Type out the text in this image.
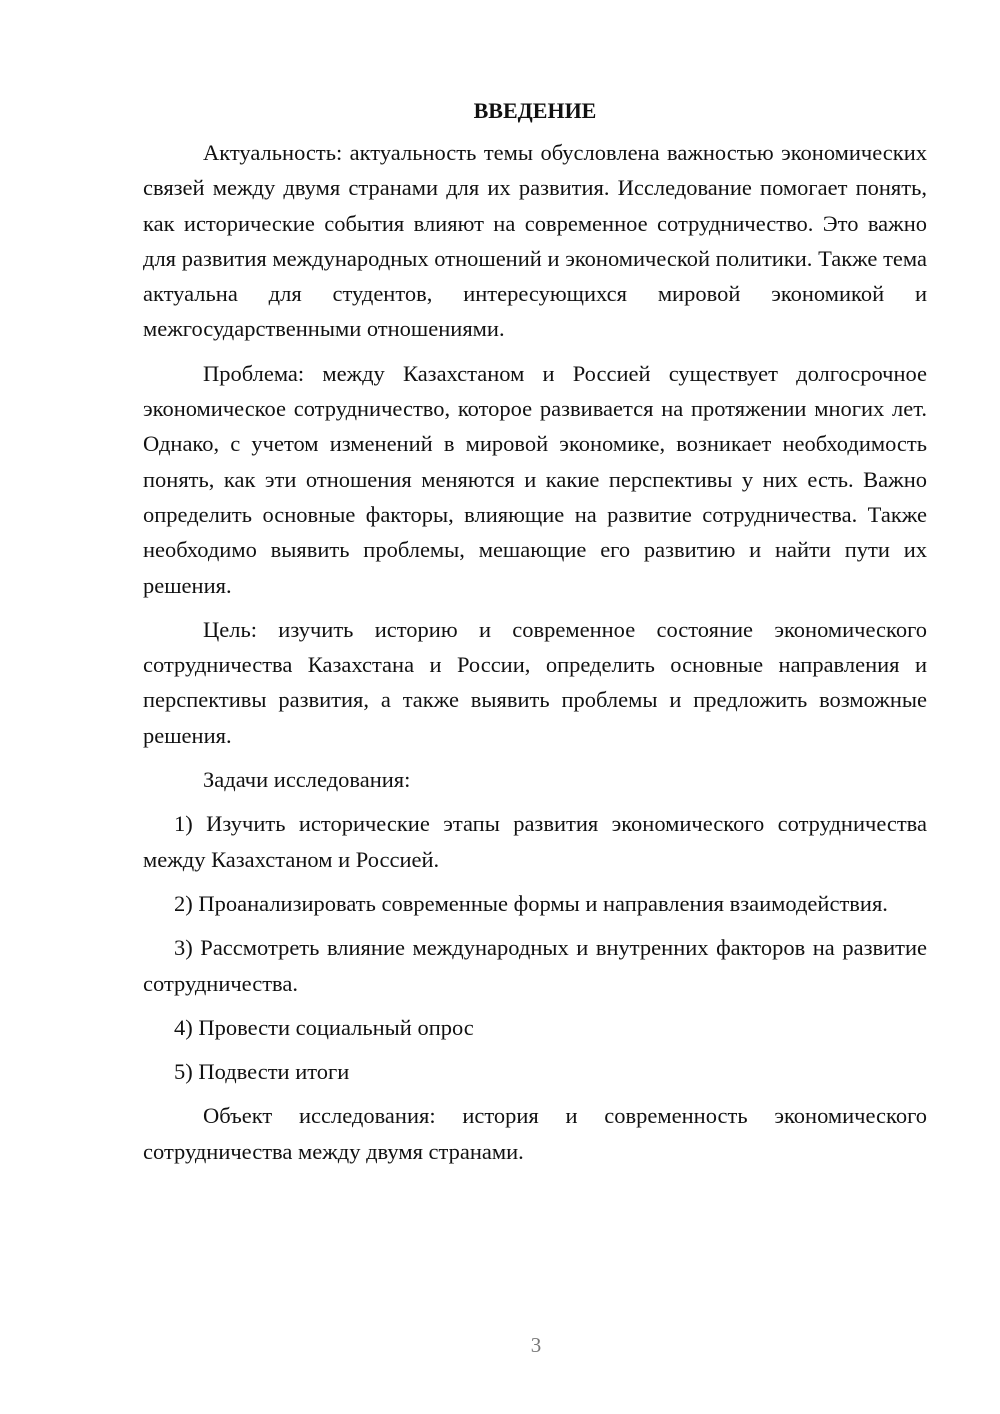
ВВЕДЕНИЕ

Актуальность: актуальность темы обусловлена важностью экономических связей между двумя странами для их развития. Исследование помогает понять, как исторические события влияют на современное сотрудничество. Это важно для развития международных отношений и экономической политики. Также тема актуальна для студентов, интересующихся мировой экономикой и межгосударственными отношениями.

Проблема: между Казахстаном и Россией существует долгосрочное экономическое сотрудничество, которое развивается на протяжении многих лет. Однако, с учетом изменений в мировой экономике, возникает необходимость понять, как эти отношения меняются и какие перспективы у них есть. Важно определить основные факторы, влияющие на развитие сотрудничества. Также необходимо выявить проблемы, мешающие его развитию и найти пути их решения.

Цель: изучить историю и современное состояние экономического сотрудничества Казахстана и России, определить основные направления и перспективы развития, а также выявить проблемы и предложить возможные решения.

Задачи исследования:

1) Изучить исторические этапы развития экономического сотрудничества между Казахстаном и Россией.

2) Проанализировать современные формы и направления взаимодействия.

3) Рассмотреть влияние международных и внутренних факторов на развитие сотрудничества.

4) Провести социальный опрос

5) Подвести итоги

Объект исследования: история и современность экономического сотрудничества между двумя странами.

3
